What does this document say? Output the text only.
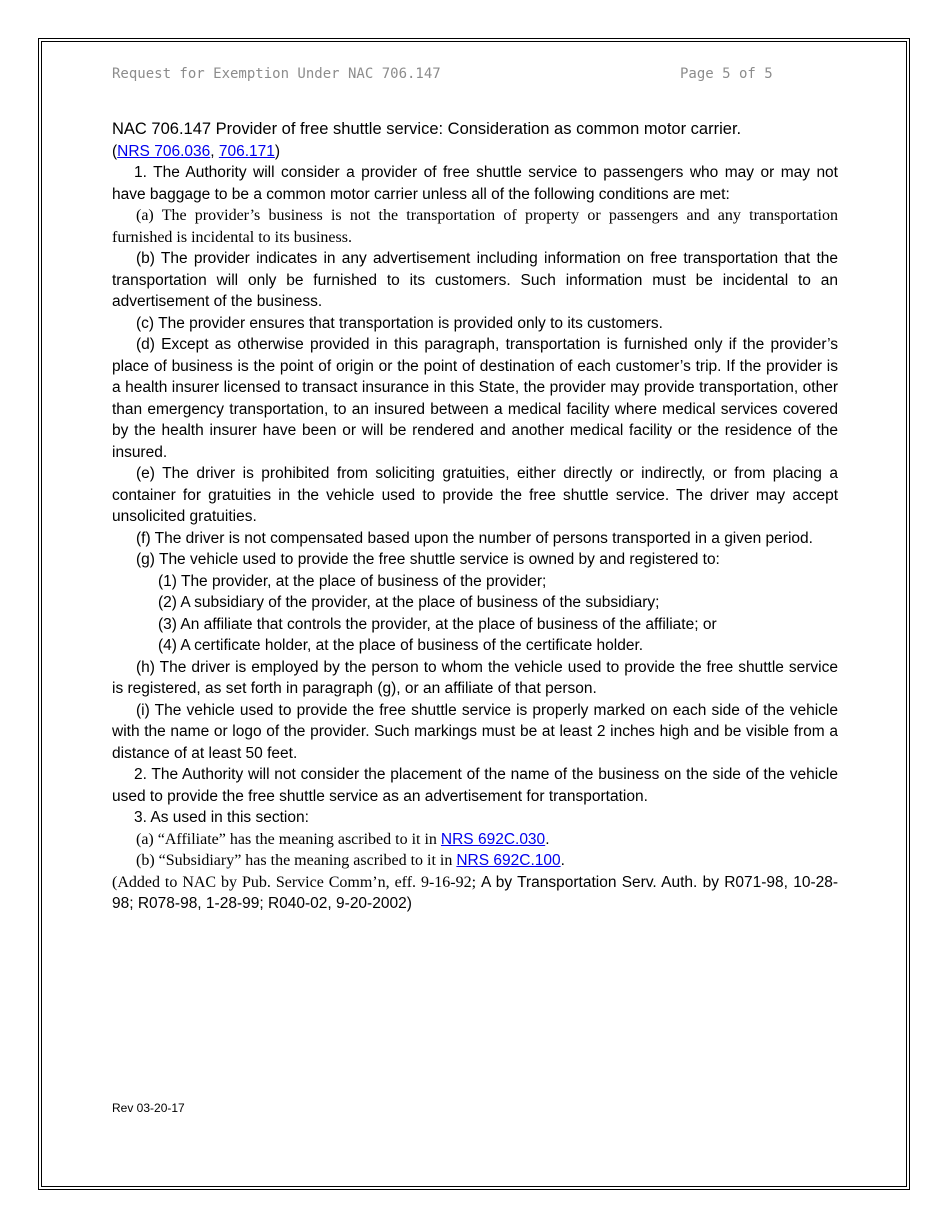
Request for Exemption Under NAC 706.147	Page 5 of 5

NAC 706.147 Provider of free shuttle service: Consideration as common motor carrier.

(NRS 706.036, 706.171)

1. The Authority will consider a provider of free shuttle service to passengers who may or may not have baggage to be a common motor carrier unless all of the following conditions are met:

(a) The provider’s business is not the transportation of property or passengers and any transportation furnished is incidental to its business.

(b) The provider indicates in any advertisement including information on free transportation that the transportation will only be furnished to its customers. Such information must be incidental to an advertisement of the business.

(c) The provider ensures that transportation is provided only to its customers.

(d) Except as otherwise provided in this paragraph, transportation is furnished only if the provider’s place of business is the point of origin or the point of destination of each customer’s trip. If the provider is a health insurer licensed to transact insurance in this State, the provider may provide transportation, other than emergency transportation, to an insured between a medical facility where medical services covered by the health insurer have been or will be rendered and another medical facility or the residence of the insured.

(e) The driver is prohibited from soliciting gratuities, either directly or indirectly, or from placing a container for gratuities in the vehicle used to provide the free shuttle service. The driver may accept unsolicited gratuities.

(f) The driver is not compensated based upon the number of persons transported in a given period.

(g) The vehicle used to provide the free shuttle service is owned by and registered to:

(1) The provider, at the place of business of the provider;

(2) A subsidiary of the provider, at the place of business of the subsidiary;

(3) An affiliate that controls the provider, at the place of business of the affiliate; or

(4) A certificate holder, at the place of business of the certificate holder.

(h) The driver is employed by the person to whom the vehicle used to provide the free shuttle service is registered, as set forth in paragraph (g), or an affiliate of that person.

(i) The vehicle used to provide the free shuttle service is properly marked on each side of the vehicle with the name or logo of the provider. Such markings must be at least 2 inches high and be visible from a distance of at least 50 feet.

2. The Authority will not consider the placement of the name of the business on the side of the vehicle used to provide the free shuttle service as an advertisement for transportation.

3. As used in this section:

(a) “Affiliate” has the meaning ascribed to it in NRS 692C.030.

(b) “Subsidiary” has the meaning ascribed to it in NRS 692C.100.

(Added to NAC by Pub. Service Comm’n, eff. 9-16-92; A by Transportation Serv. Auth. by R071-98, 10-28-98; R078-98, 1-28-99; R040-02, 9-20-2002)

Rev 03-20-17
